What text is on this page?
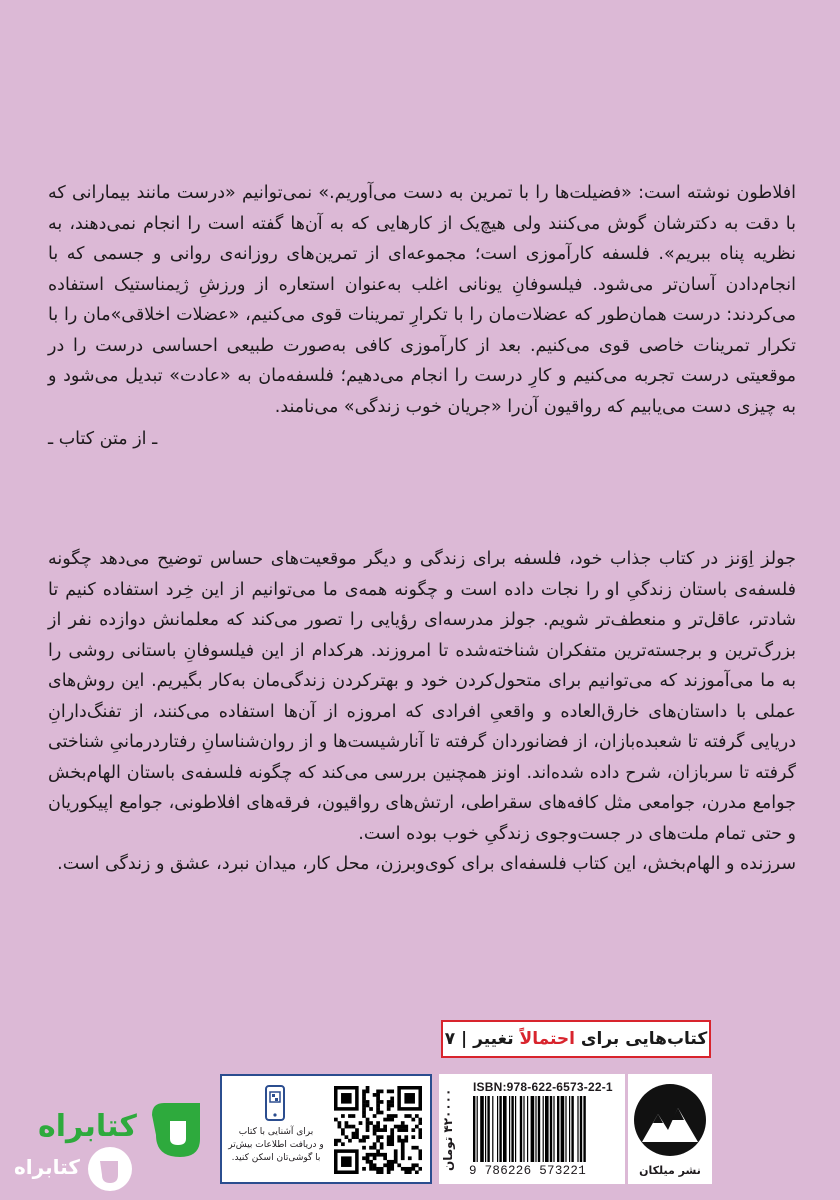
افلاطون نوشته است: «فضیلت‌ها را با تمرین به دست می‌آوریم.» نمی‌توانیم «درست مانند بیمارانی که با دقت به دکترشان گوش می‌کنند ولی هیچ‌یک از کارهایی که به آن‌ها گفته است را انجام نمی‌دهند، به نظریه پناه ببریم». فلسفه کارآموزی است؛ مجموعه‌ای از تمرین‌های روزانه‌ی روانی و جسمی که با انجام‌دادن آسان‌تر می‌شود. فیلسوفانِ یونانی اغلب به‌عنوان استعاره از ورزشِ ژیمناستیک استفاده می‌کردند: درست همان‌طور که عضلات‌مان را با تکرارِ تمرینات قوی می‌کنیم، «عضلات اخلاقی»مان را با تکرار تمرینات خاصی قوی می‌کنیم. بعد از کارآموزی کافی به‌صورت طبیعی احساسی درست را در موقعیتی درست تجربه می‌کنیم و کارِ درست را انجام می‌دهیم؛ فلسفه‌مان به «عادت» تبدیل می‌شود و به چیزی دست می‌یابیم که رواقیون آن‌را «جریان خوب زندگی» می‌نامند.

ـ از متن کتاب ـ

جولز اِوَنز در کتاب جذاب خود، فلسفه برای زندگی و دیگر موقعیت‌های حساس توضیح می‌دهد چگونه فلسفه‌ی باستان زندگیِ او را نجات داده است و چگونه همه‌ی ما می‌توانیم از این خِرد استفاده کنیم تا شادتر، عاقل‌تر و منعطف‌تر شویم. جولز مدرسه‌ای رؤیایی را تصور می‌کند که معلمانش دوازده نفر از بزرگ‌ترین و برجسته‌ترین متفکران شناخته‌شده تا امروزند. هرکدام از این فیلسوفانِ باستانی روشی را به ما می‌آموزند که می‌توانیم برای متحول‌کردن خود و بهترکردن زندگی‌مان به‌کار بگیریم. این روش‌های عملی با داستان‌های خارق‌العاده و واقعیِ افرادی که امروزه از آن‌ها استفاده می‌کنند، از تفنگ‌دارانِ دریایی گرفته تا شعبده‌بازان، از فضانوردان گرفته تا آنارشیست‌ها و از روان‌شناسانِ رفتاردرمانیِ شناختی گرفته تا سربازان، شرح داده شده‌اند. اونز همچنین بررسی می‌کند که چگونه فلسفه‌ی باستان الهام‌بخش جوامع مدرن، جوامعی مثل کافه‌های سقراطی، ارتش‌های رواقیون، فرقه‌های افلاطونی، جوامع اپیکوریان و حتی تمام ملت‌های در جست‌وجوی زندگیِ خوب بوده است.

سرزنده و الهام‌بخش، این کتاب فلسفه‌ای برای کوی‌وبرزن، محل کار، میدان نبرد، عشق و زندگی است.

کتاب‌هایی برای

احتمالاً

تغییر | ۷
۴۲۰۰۰۰ تومان
ISBN:978-622-6573-22-1
9 786226 573221	نشر میلکان
برای آشنایی با کتاب
و دریافت اطلاعات بیش‌تر
با گوشی‌تان اسکن کنید.
کتابراه
کتابراه
